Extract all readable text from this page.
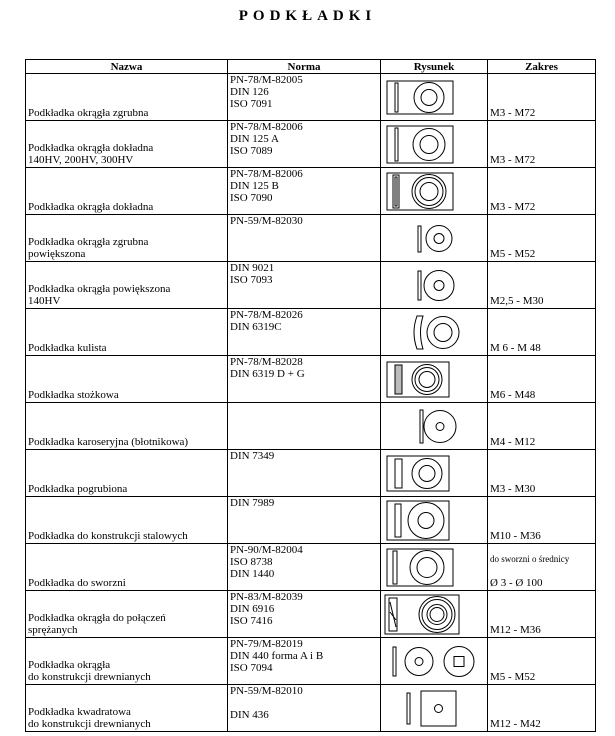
PODKŁADKI
Nazwa	Norma	Rysunek	Zakres
Podkładka okrągła zgrubna	PN-78/M-82005
DIN 126
ISO 7091		M3 - M72
Podkładka okrągła dokładna
140HV, 200HV, 300HV	PN-78/M-82006
DIN 125 A
ISO 7089		M3 - M72
Podkładka okrągła dokładna	PN-78/M-82006
DIN 125 B
ISO 7090		M3 - M72
Podkładka okrągła zgrubna
powiększona	PN-59/M-82030		M5 - M52
Podkładka okrągła powiększona
140HV	DIN 9021
ISO 7093		M2,5 - M30
Podkładka kulista	PN-78/M-82026
DIN 6319C		M 6 - M 48
Podkładka stożkowa	PN-78/M-82028
DIN 6319 D + G		M6 - M48
Podkładka karoseryjna (błotnikowa)			M4 - M12
Podkładka pogrubiona	DIN 7349		M3 - M30
Podkładka do konstrukcji stalowych	DIN 7989		M10 - M36
Podkładka do sworzni	PN-90/M-82004
ISO 8738
DIN 1440		do sworzni o średnicy
Ø 3 - Ø 100

Podkładka okrągła do połączeń
sprężanych	PN-83/M-82039
DIN 6916
ISO 7416		M12 - M36
Podkładka okrągła
do konstrukcji drewnianych	PN-79/M-82019
DIN 440 forma A i B
ISO 7094		M5 - M52
Podkładka kwadratowa
do konstrukcji drewnianych	PN-59/M-82010

DIN 436		M12 - M42
